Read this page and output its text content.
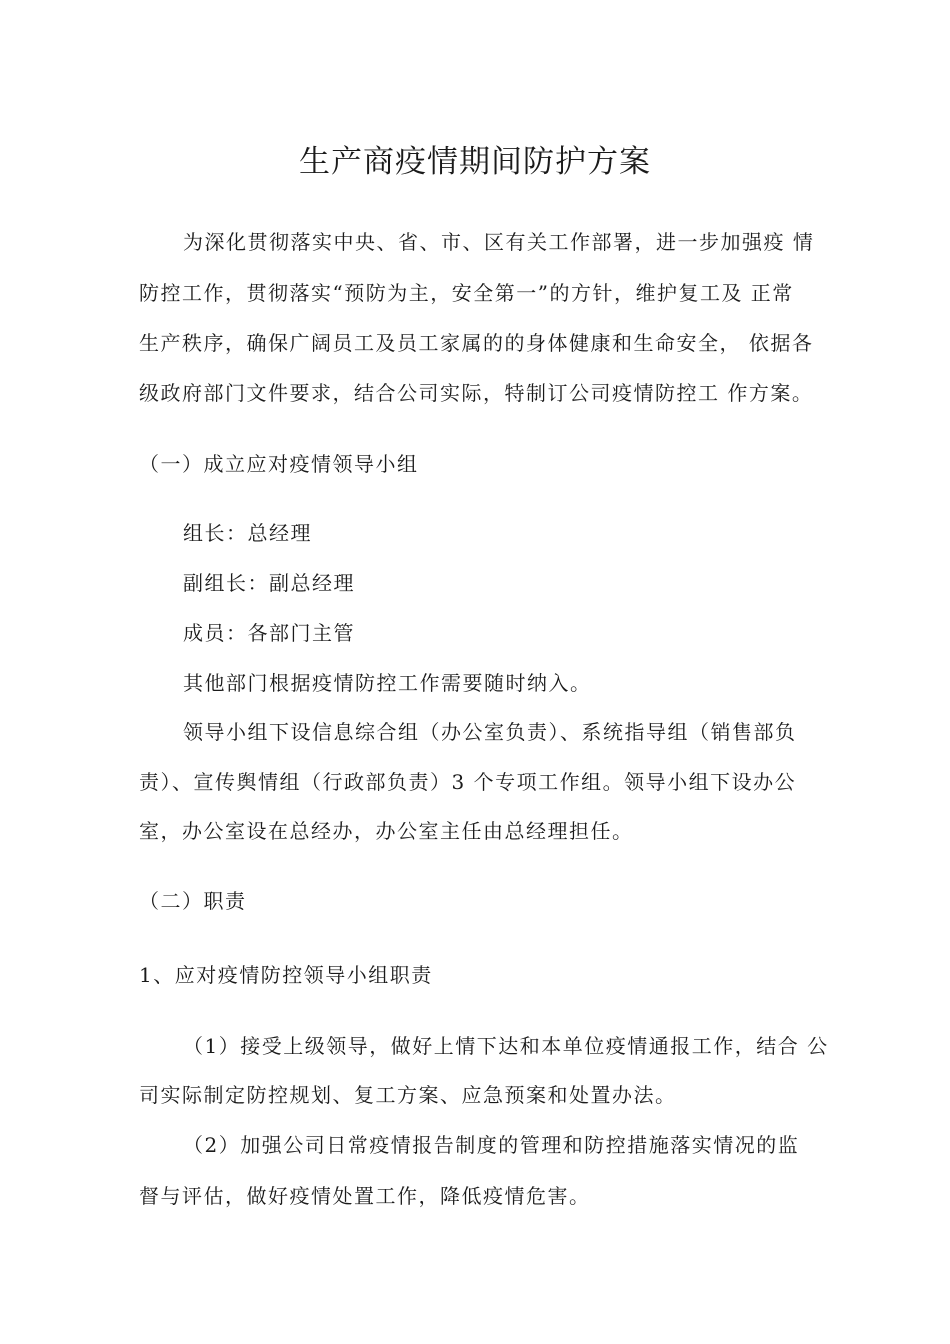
生产商疫情期间防护方案
为深化贯彻落实中央、省、市、区有关工作部署，进一步加强疫 情
防控工作，贯彻落实“预防为主，安全第一”的方针，维护复工及 正常
生产秩序，确保广阔员工及员工家属的的身体健康和生命安全， 依据各
级政府部门文件要求，结合公司实际，特制订公司疫情防控工 作方案。
（一）成立应对疫情领导小组
组长：总经理
副组长：副总经理
成员：各部门主管
其他部门根据疫情防控工作需要随时纳入。
领导小组下设信息综合组（办公室负责）、系统指导组（销售部负
责）、宣传舆情组（行政部负责）3 个专项工作组。领导小组下设办公
室，办公室设在总经办，办公室主任由总经理担任。
（二）职责
1、应对疫情防控领导小组职责
（1）接受上级领导，做好上情下达和本单位疫情通报工作，结合 公
司实际制定防控规划、复工方案、应急预案和处置办法。
（2）加强公司日常疫情报告制度的管理和防控措施落实情况的监
督与评估，做好疫情处置工作，降低疫情危害。
